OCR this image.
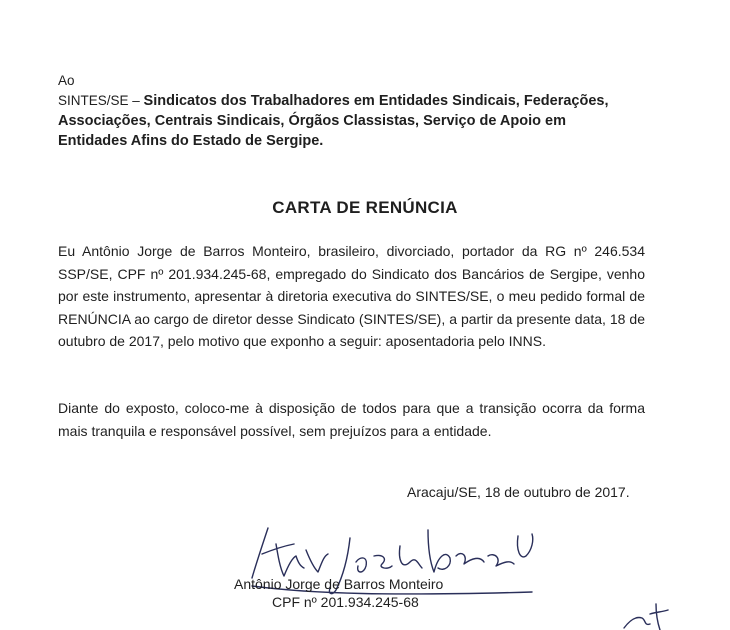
Ao
SINTES/SE – Sindicatos dos Trabalhadores em Entidades Sindicais, Federações,
Associações, Centrais Sindicais, Órgãos Classistas, Serviço de Apoio em
Entidades Afins do Estado de Sergipe.
CARTA DE RENÚNCIA

Eu Antônio Jorge de Barros Monteiro, brasileiro, divorciado, portador da RG nº 246.534 SSP/SE, CPF nº 201.934.245-68, empregado do Sindicato dos Bancários de Sergipe, venho por este instrumento, apresentar à diretoria executiva do SINTES/SE, o meu pedido formal de RENÚNCIA ao cargo de diretor desse Sindicato (SINTES/SE), a partir da presente data, 18 de outubro de 2017, pelo motivo que exponho a seguir: aposentadoria pelo INNS.

Diante do exposto, coloco-me à disposição de todos para que a transição ocorra da forma mais tranquila e responsável possível, sem prejuízos para a entidade.

Aracaju/SE, 18 de outubro de 2017.
Antônio Jorge de Barros Monteiro
CPF nº 201.934.245-68
